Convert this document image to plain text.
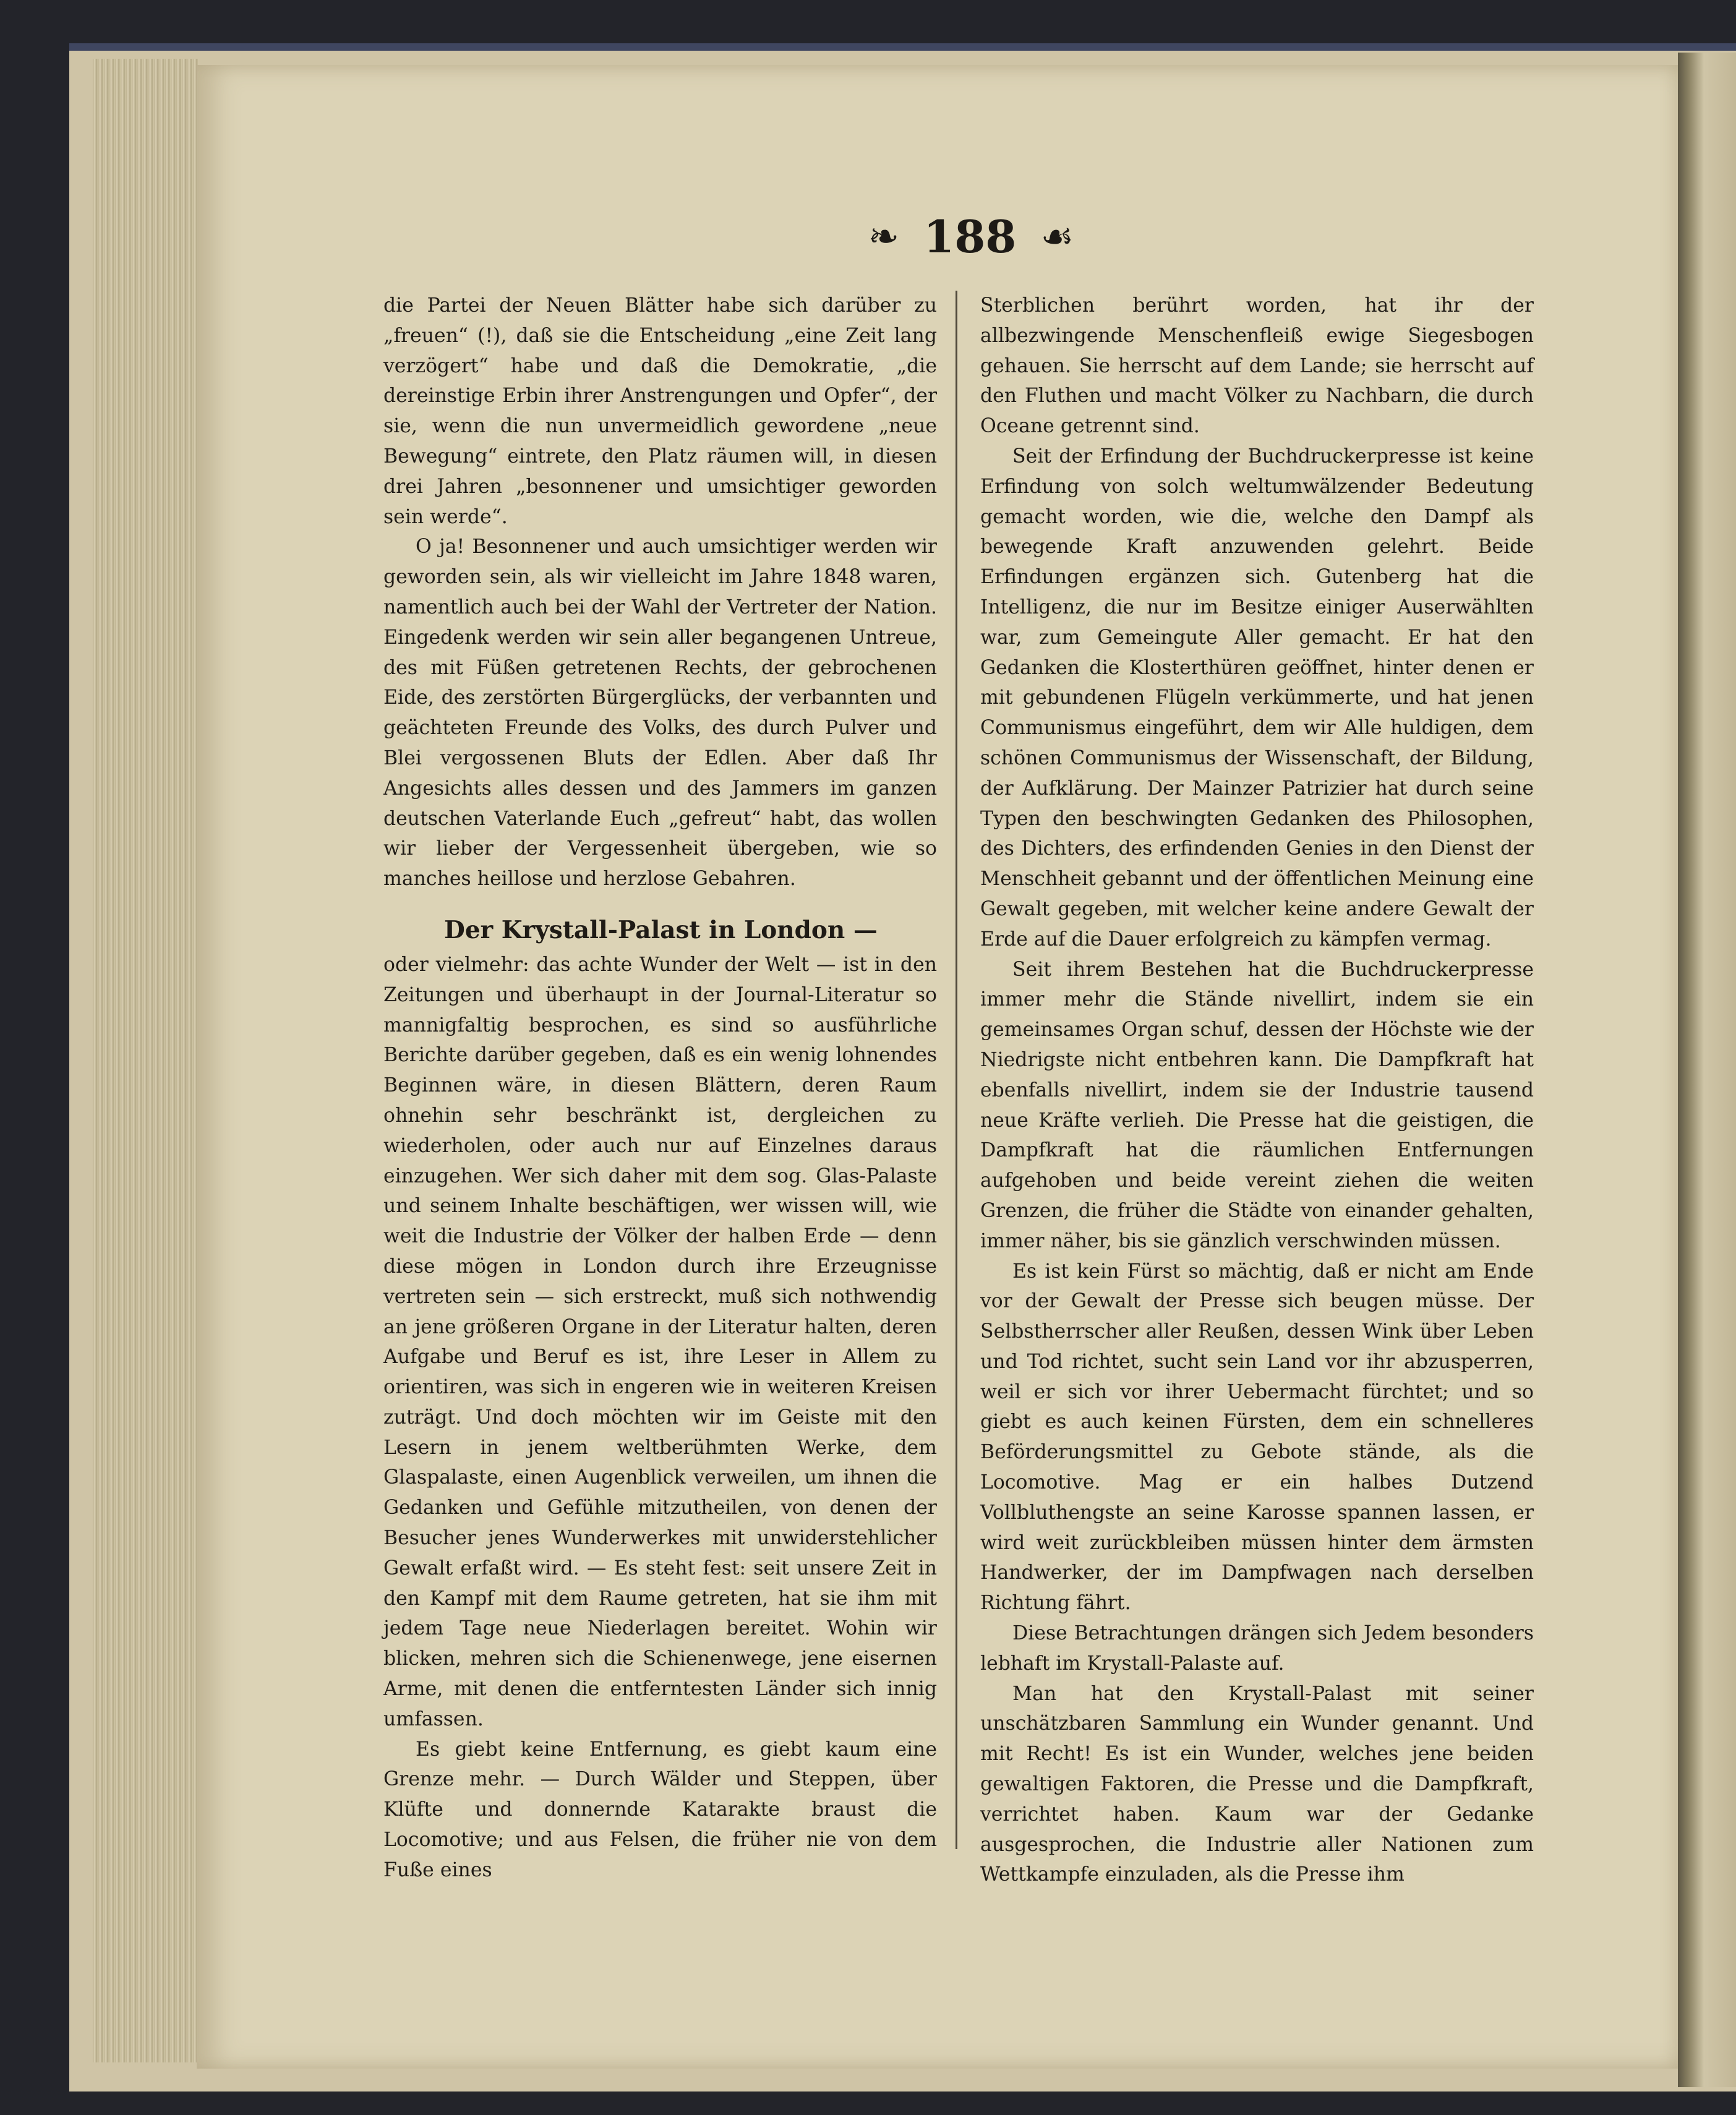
❧ 188 ☙

die Partei der Neuen Blätter habe sich darüber zu „freuen“ (!), daß sie die Entscheidung „eine Zeit lang verzögert“ habe und daß die Demokratie, „die dereinstige Erbin ihrer Anstrengungen und Opfer“, der sie, wenn die nun unvermeidlich gewordene „neue Bewegung“ eintrete, den Platz räumen will, in diesen drei Jahren „besonnener und umsichtiger geworden sein werde“.

O ja! Besonnener und auch umsichtiger werden wir geworden sein, als wir vielleicht im Jahre 1848 waren, namentlich auch bei der Wahl der Vertreter der Nation. Eingedenk werden wir sein aller begangenen Untreue, des mit Füßen getretenen Rechts, der gebrochenen Eide, des zerstörten Bürgerglücks, der verbannten und geächteten Freunde des Volks, des durch Pulver und Blei vergossenen Bluts der Edlen. Aber daß Ihr Angesichts alles dessen und des Jammers im ganzen deutschen Vaterlande Euch „gefreut“ habt, das wollen wir lieber der Vergessenheit übergeben, wie so manches heillose und herzlose Gebahren.

Der Krystall-Palast in London —

oder vielmehr: das achte Wunder der Welt — ist in den Zeitungen und überhaupt in der Journal-Literatur so mannigfaltig besprochen, es sind so ausführliche Berichte darüber gegeben, daß es ein wenig lohnendes Beginnen wäre, in diesen Blättern, deren Raum ohnehin sehr beschränkt ist, dergleichen zu wiederholen, oder auch nur auf Einzelnes daraus einzugehen. Wer sich daher mit dem sog. Glas-Palaste und seinem Inhalte beschäftigen, wer wissen will, wie weit die Industrie der Völker der halben Erde — denn diese mögen in London durch ihre Erzeugnisse vertreten sein — sich erstreckt, muß sich nothwendig an jene größeren Organe in der Literatur halten, deren Aufgabe und Beruf es ist, ihre Leser in Allem zu orientiren, was sich in engeren wie in weiteren Kreisen zuträgt. Und doch möchten wir im Geiste mit den Lesern in jenem weltberühmten Werke, dem Glaspalaste, einen Augenblick verweilen, um ihnen die Gedanken und Gefühle mitzutheilen, von denen der Besucher jenes Wunderwerkes mit unwiderstehlicher Gewalt erfaßt wird. — Es steht fest: seit unsere Zeit in den Kampf mit dem Raume getreten, hat sie ihm mit jedem Tage neue Niederlagen bereitet. Wohin wir blicken, mehren sich die Schienenwege, jene eisernen Arme, mit denen die entferntesten Länder sich innig umfassen.

Es giebt keine Entfernung, es giebt kaum eine Grenze mehr. — Durch Wälder und Steppen, über Klüfte und donnernde Katarakte braust die Locomotive; und aus Felsen, die früher nie von dem Fuße eines

Sterblichen berührt worden, hat ihr der allbezwingende Menschenfleiß ewige Siegesbogen gehauen. Sie herrscht auf dem Lande; sie herrscht auf den Fluthen und macht Völker zu Nachbarn, die durch Oceane getrennt sind.

Seit der Erfindung der Buchdruckerpresse ist keine Erfindung von solch weltumwälzender Bedeutung gemacht worden, wie die, welche den Dampf als bewegende Kraft anzuwenden gelehrt. Beide Erfindungen ergänzen sich. Gutenberg hat die Intelligenz, die nur im Besitze einiger Auserwählten war, zum Gemeingute Aller gemacht. Er hat den Gedanken die Klosterthüren geöffnet, hinter denen er mit gebundenen Flügeln verkümmerte, und hat jenen Communismus eingeführt, dem wir Alle huldigen, dem schönen Communismus der Wissenschaft, der Bildung, der Aufklärung. Der Mainzer Patrizier hat durch seine Typen den beschwingten Gedanken des Philosophen, des Dichters, des erfindenden Genies in den Dienst der Menschheit gebannt und der öffentlichen Meinung eine Gewalt gegeben, mit welcher keine andere Gewalt der Erde auf die Dauer erfolgreich zu kämpfen vermag.

Seit ihrem Bestehen hat die Buchdruckerpresse immer mehr die Stände nivellirt, indem sie ein gemeinsames Organ schuf, dessen der Höchste wie der Niedrigste nicht entbehren kann. Die Dampfkraft hat ebenfalls nivellirt, indem sie der Industrie tausend neue Kräfte verlieh. Die Presse hat die geistigen, die Dampfkraft hat die räumlichen Entfernungen aufgehoben und beide vereint ziehen die weiten Grenzen, die früher die Städte von einander gehalten, immer näher, bis sie gänzlich verschwinden müssen.

Es ist kein Fürst so mächtig, daß er nicht am Ende vor der Gewalt der Presse sich beugen müsse. Der Selbstherrscher aller Reußen, dessen Wink über Leben und Tod richtet, sucht sein Land vor ihr abzusperren, weil er sich vor ihrer Uebermacht fürchtet; und so giebt es auch keinen Fürsten, dem ein schnelleres Beförderungsmittel zu Gebote stände, als die Locomotive. Mag er ein halbes Dutzend Vollbluthengste an seine Karosse spannen lassen, er wird weit zurückbleiben müssen hinter dem ärmsten Handwerker, der im Dampfwagen nach derselben Richtung fährt.

Diese Betrachtungen drängen sich Jedem besonders lebhaft im Krystall-Palaste auf.

Man hat den Krystall-Palast mit seiner unschätzbaren Sammlung ein Wunder genannt. Und mit Recht! Es ist ein Wunder, welches jene beiden gewaltigen Faktoren, die Presse und die Dampfkraft, verrichtet haben. Kaum war der Gedanke ausgesprochen, die Industrie aller Nationen zum Wettkampfe einzuladen, als die Presse ihm
